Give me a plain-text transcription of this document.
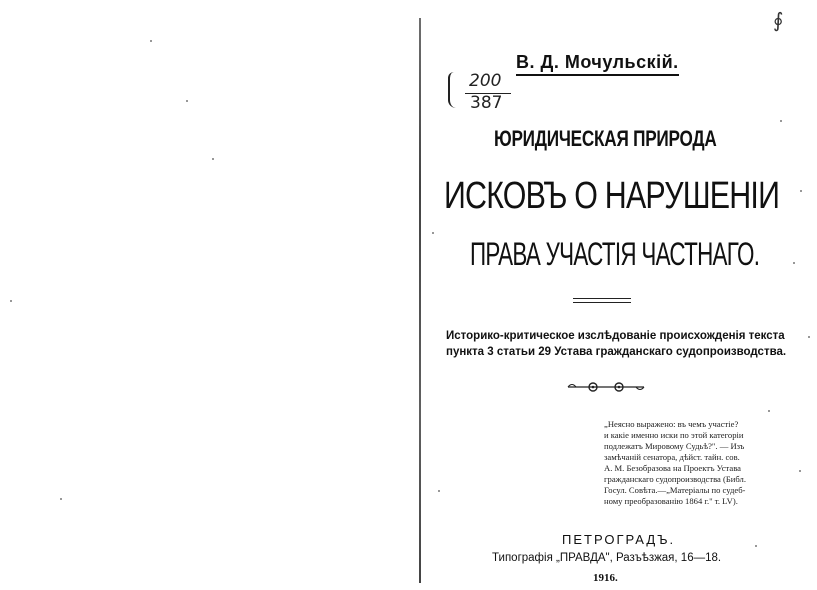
∮
В. Д. Мочульскій.
200
387
ЮРИДИЧЕСКАЯ ПРИРОДА
ИСКОВЪ О НАРУШЕНІИ
ПРАВА УЧАСТІЯ ЧАСТНАГО.
Историко-критическое изслѣдованіе происхожденія текста
пункта 3 статьи 29 Устава гражданскаго судопроизводства.
„Неясно выражено: въ чемъ участіе?
и какіе именно иски по этой категоріи
подлежатъ Мировому Судьѣ?". — Изъ
замѣчаній сенатора, дѣйст. тайн. сов.
А. М. Безобразова на Проектъ Устава
гражданскаго судопроизводства (Библ.
Госул. Совѣта.—„Матеріалы по судеб-
ному преобразованію 1864 г." т. LV).
ПЕТРОГРАДЪ.
Типографія „ПРАВДА", Разъѣзжая, 16—18.
1916.
